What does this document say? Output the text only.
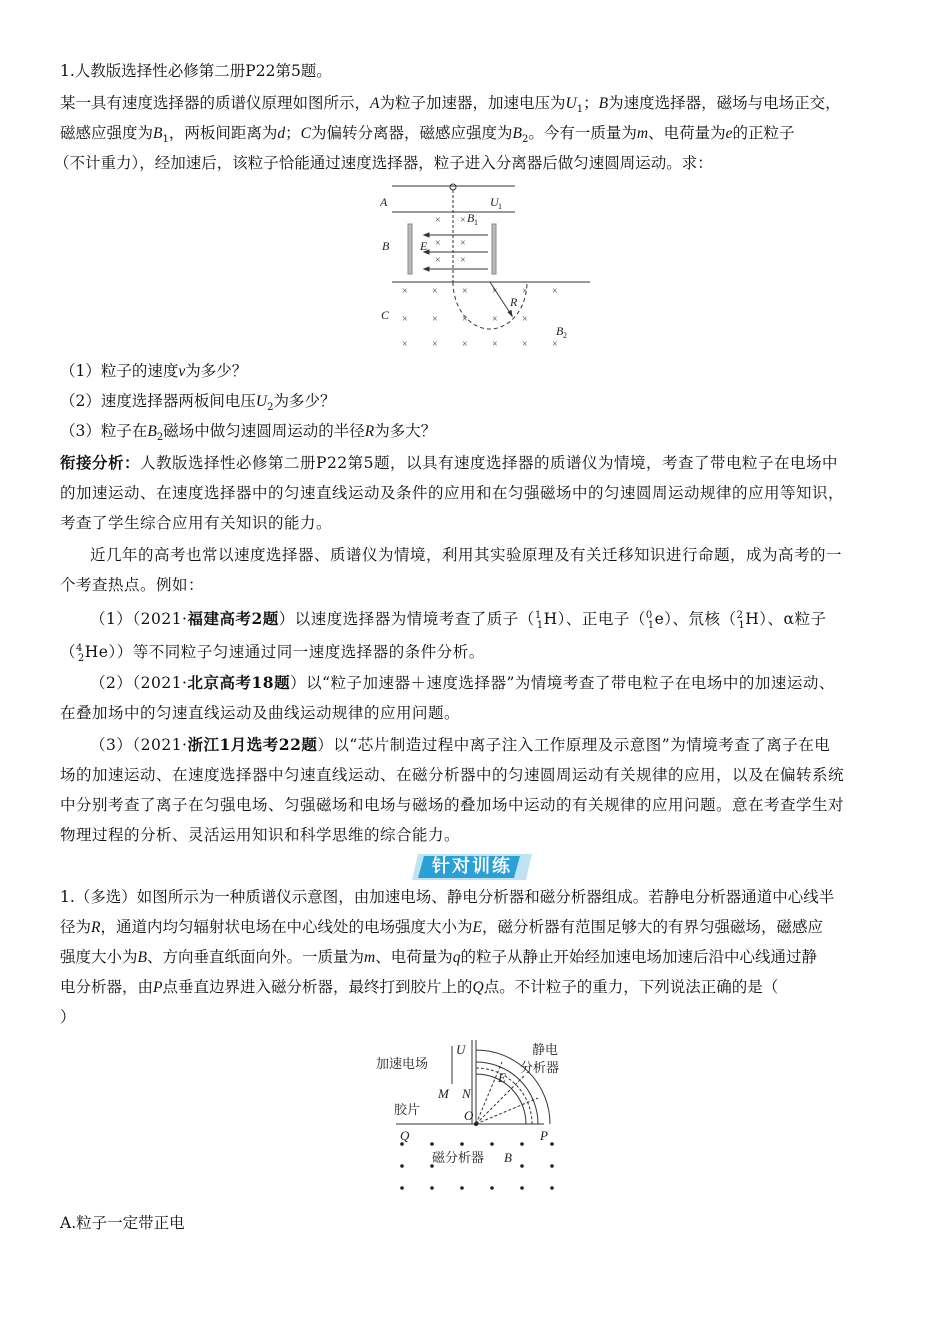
1.人教版选择性必修第二册P22第5题。
某一具有速度选择器的质谱仪原理如图所示，A为粒子加速器，加速电压为$U_1$；B为速度选择器，磁场与电场正交，
磁感应强度为$B_1$，两板间距离为d；C为偏转分离器，磁感应强度为$B_2$。今有一质量为m、电荷量为e的正粒子
（不计重力），经加速后，该粒子恰能通过速度选择器，粒子进入分离器后做匀速圆周运动。求：
× ×
× ×
× ×
× × × × × ×
× × × × ×
× × × × × ×
A
B
C
U 1
B 1
E
R
B 2
（1）粒子的速度v为多少？
（2）速度选择器两板间电压$U_2$为多少？
（3）粒子在$B_2$磁场中做匀速圆周运动的半径R为多大？
衔接分析：人教版选择性必修第二册P22第5题，以具有速度选择器的质谱仪为情境，考查了带电粒子在电场中
的加速运动、在速度选择器中的匀速直线运动及条件的应用和在匀强磁场中的匀速圆周运动规律的应用等知识，
考查了学生综合应用有关知识的能力。
近几年的高考也常以速度选择器、质谱仪为情境，利用其实验原理及有关迁移知识进行命题，成为高考的一
个考查热点。例如：
（1）（2021·福建高考2题）以速度选择器为情境考查了质子（$^1_1$H）、正电子（$^0_1$e）、氘核（$^2_1$H）、α粒子
（$^4_2$He））等不同粒子匀速通过同一速度选择器的条件分析。
（2）（2021·北京高考18题）以“粒子加速器＋速度选择器”为情境考查了带电粒子在电场中的加速运动、
在叠加场中的匀速直线运动及曲线运动规律的应用问题。
（3）（2021·浙江1月选考22题）以“芯片制造过程中离子注入工作原理及示意图”为情境考查了离子在电
场的加速运动、在速度选择器中匀速直线运动、在磁分析器中的匀速圆周运动有关规律的应用，以及在偏转系统
中分别考查了离子在匀强电场、匀强磁场和电场与磁场的叠加场中运动的有关规律的应用问题。意在考查学生对
物理过程的分析、灵活运用知识和科学思维的综合能力。
针对训练
1.（多选）如图所示为一种质谱仪示意图，由加速电场、静电分析器和磁分析器组成。若静电分析器通道中心线半
径为R，通道内均匀辐射状电场在中心线处的电场强度大小为E，磁分析器有范围足够大的有界匀强磁场，磁感应
强度大小为B、方向垂直纸面向外。一质量为m、电荷量为q的粒子从静止开始经加速电场加速后沿中心线通过静
电分析器，由P点垂直边界进入磁分析器，最终打到胶片上的Q点。不计粒子的重力，下列说法正确的是（
）
加速电场
静电
分析器
胶片
磁分析器
U
M N
E
O
Q	P
B
A.粒子一定带正电
